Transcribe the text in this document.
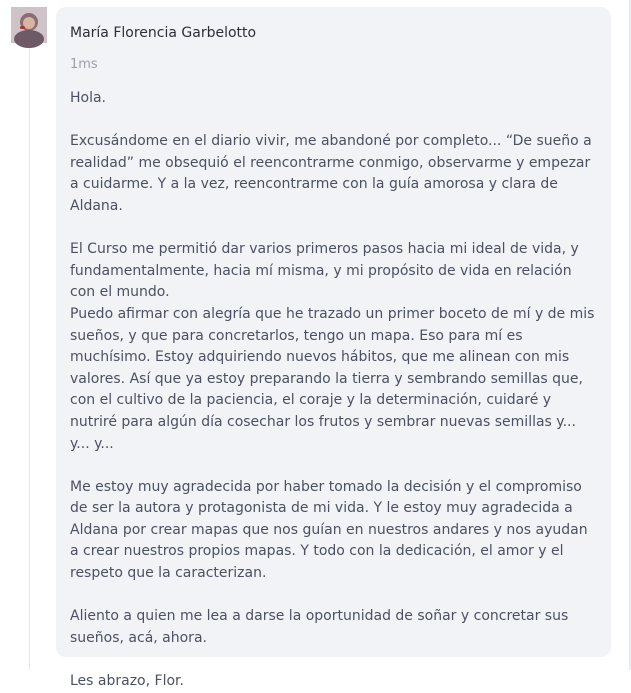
María Florencia Garbelotto
1ms

Hola.

Excusándome en el diario vivir, me abandoné por completo... “De sueño a realidad” me obsequió el reencontrarme conmigo, observarme y empezar a cuidarme. Y a la vez, reencontrarme con la guía amorosa y clara de Aldana.

El Curso me permitió dar varios primeros pasos hacia mi ideal de vida, y fundamentalmente, hacia mí misma, y mi propósito de vida en relación con el mundo.

Puedo afirmar con alegría que he trazado un primer boceto de mí y de mis sueños, y que para concretarlos, tengo un mapa. Eso para mí es muchísimo. Estoy adquiriendo nuevos hábitos, que me alinean con mis valores. Así que ya estoy preparando la tierra y sembrando semillas que, con el cultivo de la paciencia, el coraje y la determinación, cuidaré y nutriré para algún día cosechar los frutos y sembrar nuevas semillas y... y... y...

Me estoy muy agradecida por haber tomado la decisión y el compromiso de ser la autora y protagonista de mi vida. Y le estoy muy agradecida a Aldana por crear mapas que nos guían en nuestros andares y nos ayudan a crear nuestros propios mapas. Y todo con la dedicación, el amor y el respeto que la caracterizan.

Aliento a quien me lea a darse la oportunidad de soñar y concretar sus sueños, acá, ahora.

Les abrazo, Flor.
